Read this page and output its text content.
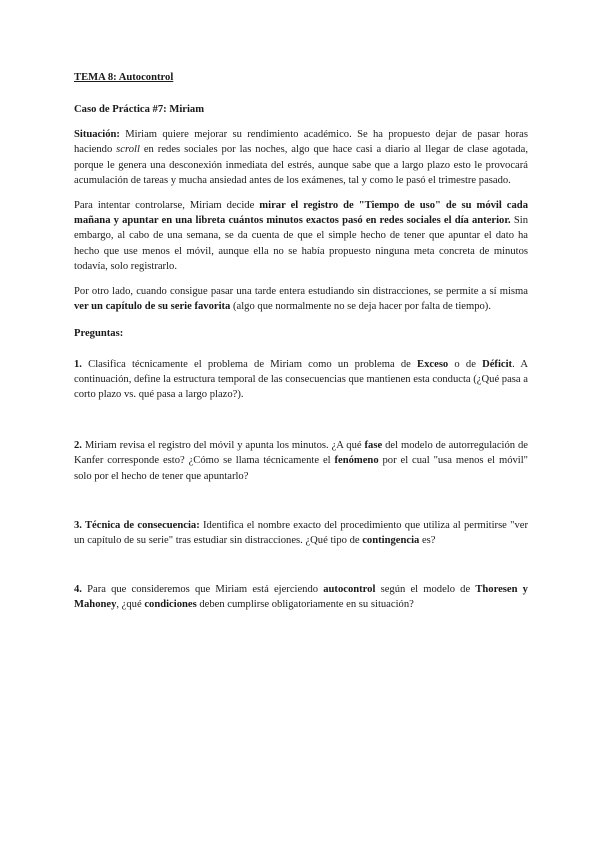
TEMA 8: Autocontrol
Caso de Práctica #7: Miriam

Situación: Miriam quiere mejorar su rendimiento académico. Se ha propuesto dejar de pasar horas haciendo scroll en redes sociales por las noches, algo que hace casi a diario al llegar de clase agotada, porque le genera una desconexión inmediata del estrés, aunque sabe que a largo plazo esto le provocará acumulación de tareas y mucha ansiedad antes de los exámenes, tal y como le pasó el trimestre pasado.

Para intentar controlarse, Miriam decide mirar el registro de "Tiempo de uso" de su móvil cada mañana y apuntar en una libreta cuántos minutos exactos pasó en redes sociales el día anterior. Sin embargo, al cabo de una semana, se da cuenta de que el simple hecho de tener que apuntar el dato ha hecho que use menos el móvil, aunque ella no se había propuesto ninguna meta concreta de minutos todavía, solo registrarlo.

Por otro lado, cuando consigue pasar una tarde entera estudiando sin distracciones, se permite a sí misma ver un capítulo de su serie favorita (algo que normalmente no se deja hacer por falta de tiempo).

Preguntas:

1. Clasifica técnicamente el problema de Miriam como un problema de Exceso o de Déficit. A continuación, define la estructura temporal de las consecuencias que mantienen esta conducta (¿Qué pasa a corto plazo vs. qué pasa a largo plazo?).

2. Miriam revisa el registro del móvil y apunta los minutos. ¿A qué fase del modelo de autorregulación de Kanfer corresponde esto? ¿Cómo se llama técnicamente el fenómeno por el cual "usa menos el móvil" solo por el hecho de tener que apuntarlo?

3. Técnica de consecuencia: Identifica el nombre exacto del procedimiento que utiliza al permitirse "ver un capítulo de su serie" tras estudiar sin distracciones. ¿Qué tipo de contingencia es?

4. Para que consideremos que Miriam está ejerciendo autocontrol según el modelo de Thoresen y Mahoney, ¿qué condiciones deben cumplirse obligatoriamente en su situación?
